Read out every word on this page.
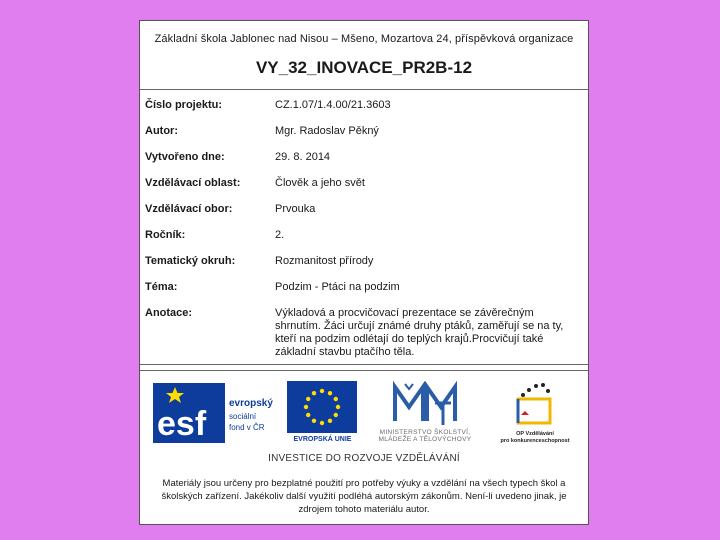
Základní škola Jablonec nad Nisou – Mšeno, Mozartova 24, příspěvková organizace
VY_32_INOVACE_PR2B-12
Číslo projektu:	CZ.1.07/1.4.00/21.3603
Autor:	Mgr. Radoslav Pěkný
Vytvořeno dne:	29. 8. 2014
Vzdělávací oblast:	Člověk a jeho svět
Vzdělávací obor:	Prvouka
Ročník:	2.
Tematický okruh:	Rozmanitost přírody
Téma:	Podzim - Ptáci na podzim
Anotace:	Výkladová a procvičovací prezentace se závěrečným shrnutím. Žáci určují známé druhy ptáků, zaměřují se na ty, kteří na podzim odlétají do teplých krajů.Procvičují také základní stavbu ptačího těla.
esf
evropský
sociální
fond v ČR
EVROPSKÁ UNIE
MINISTERSTVO ŠKOLSTVÍ,
MLÁDEŽE A TĚLOVÝCHOVY
OP Vzdělávání
pro konkurenceschopnost
INVESTICE DO ROZVOJE VZDĚLÁVÁNÍ
Materiály jsou určeny pro bezplatné použití pro potřeby výuky a vzdělání na všech typech škol a školských zařízení. Jakékoliv další využití podléhá autorským zákonům. Není-li uvedeno jinak, je zdrojem tohoto materiálu autor.
